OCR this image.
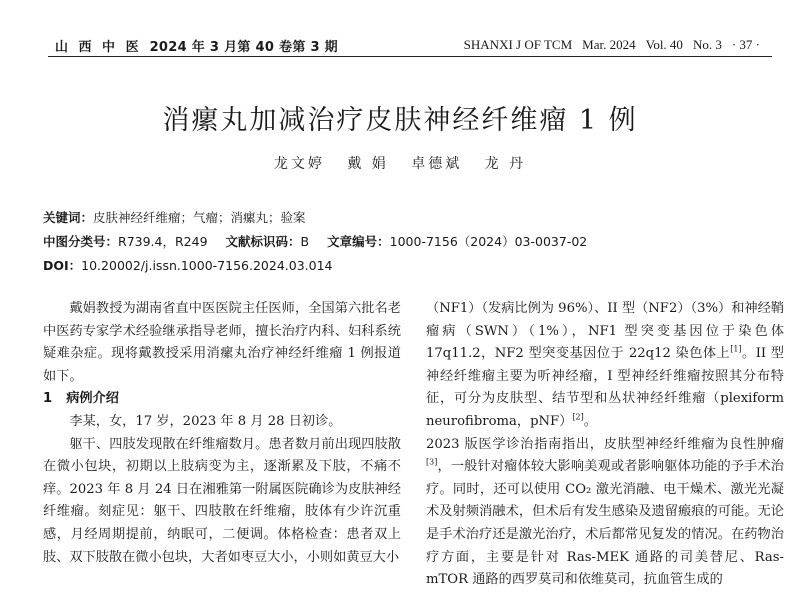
山 西 中 医 2024 年 3 月第 40 卷第 3 期	SHANXI J OF TCM Mar. 2024 Vol. 40 No. 3 · 37 ·
消瘰丸加减治疗皮肤神经纤维瘤 1 例
龙文婷 戴 娟 卓德斌 龙 丹
关键词：皮肤神经纤维瘤；气瘤；消瘰丸；验案
中图分类号：R739.4，R249 文献标识码：B 文章编号：1000-7156（2024）03-0037-02
DOI：10.20002/j.issn.1000-7156.2024.03.014

戴娟教授为湖南省直中医医院主任医师，全国第六批名老中医药专家学术经验继承指导老师，擅长治疗内科、妇科系统疑难杂症。现将戴教授采用消瘰丸治疗神经纤维瘤 1 例报道如下。

1 病例介绍

李某，女，17 岁，2023 年 8 月 28 日初诊。

躯干、四肢发现散在纤维瘤数月。患者数月前出现四肢散在微小包块，初期以上肢病变为主，逐渐累及下肢，不痛不痒。2023 年 8 月 24 日在湘雅第一附属医院确诊为皮肤神经纤维瘤。刻症见：躯干、四肢散在纤维瘤，肢体有少许沉重感，月经周期提前，纳眠可，二便调。体格检查：患者双上肢、双下肢散在微小包块，大者如枣豆大小，小则如黄豆大小

（NF1）（发病比例为 96%）、II 型（NF2）（3%）和神经鞘瘤病（SWN）（1%），NF1 型突变基因位于染色体 17q11.2，NF2 型突变基因位于 22q12 染色体上[1]。II 型神经纤维瘤主要为听神经瘤，I 型神经纤维瘤按照其分布特征，可分为皮肤型、结节型和丛状神经纤维瘤（plexiform neurofibroma，pNF）[2]。

2023 版医学诊治指南指出，皮肤型神经纤维瘤为良性肿瘤[3]，一般针对瘤体较大影响美观或者影响躯体功能的予手术治疗。同时，还可以使用 CO₂ 激光消融、电干燥术、激光光凝术及射频消融术，但术后有发生感染及遗留瘢痕的可能。无论是手术治疗还是激光治疗，术后都常见复发的情况。在药物治疗方面，主要是针对 Ras-MEK 通路的司美替尼、Ras-mTOR 通路的西罗莫司和依维莫司，抗血管生成的
